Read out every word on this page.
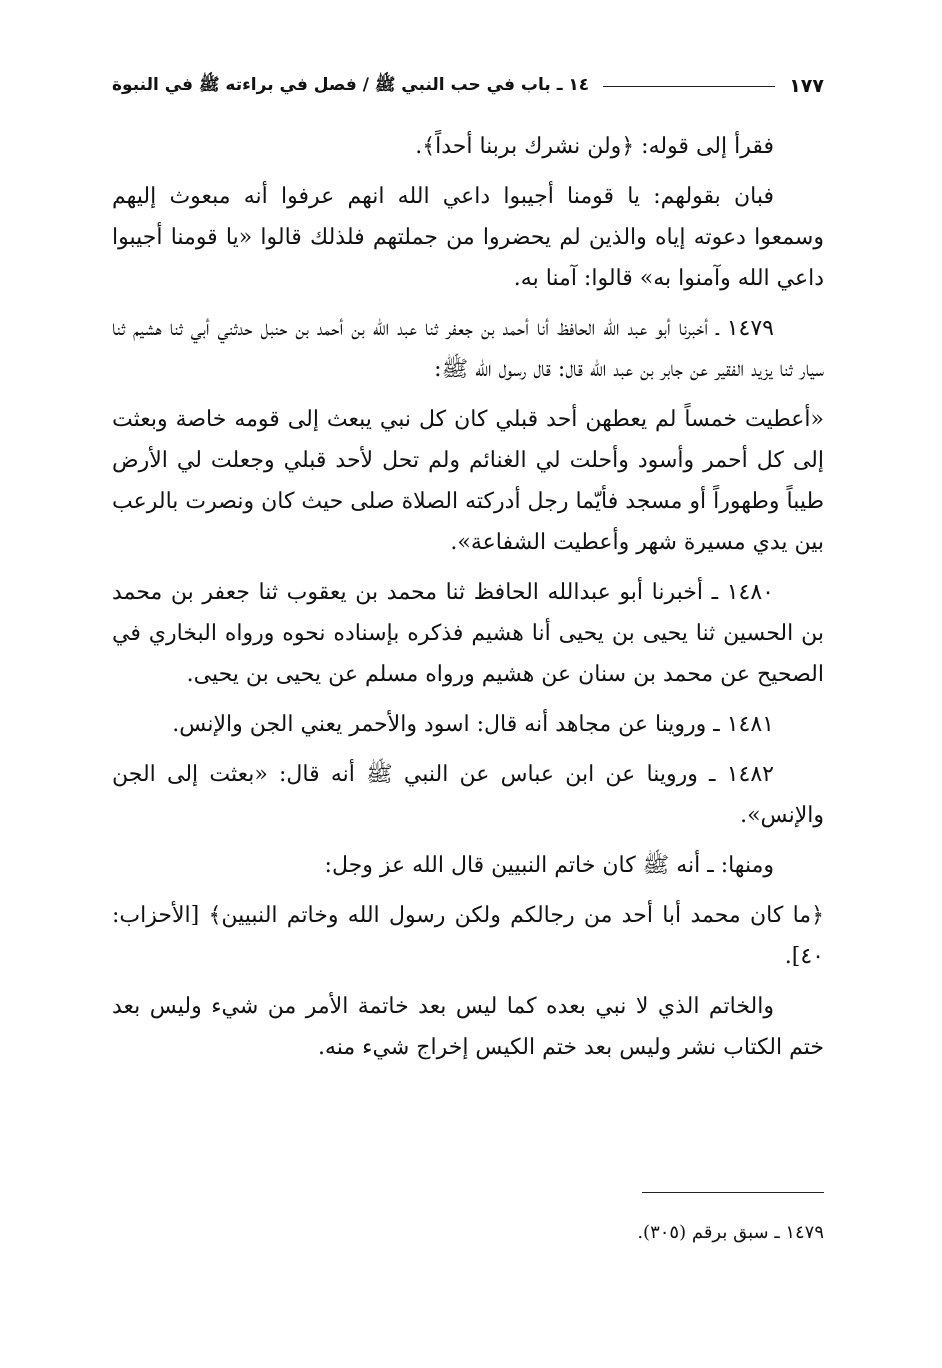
١٤ ـ باب في حب النبي ﷺ / فصل في براءته ﷺ في النبوة	١٧٧

فقرأ إلى قوله: ﴿ولن نشرك بربنا أحداً﴾.

فبان بقولهم: يا قومنا أجيبوا داعي الله انهم عرفوا أنه مبعوث إليهم وسمعوا دعوته إياه والذين لم يحضروا من جملتهم فلذلك قالوا «يا قومنا أجيبوا داعي الله وآمنوا به» قالوا: آمنا به.

١٤٧٩ ـ أخبرنا أبو عبد الله الحافظ أنا أحمد بن جعفر ثنا عبد الله بن أحمد بن حنبل حدثني أبي ثنا هشيم ثنا سيار ثنا يزيد الفقير عن جابر بن عبد الله قال: قال رسول الله ﷺ:

«أعطيت خمساً لم يعطهن أحد قبلي كان كل نبي يبعث إلى قومه خاصة وبعثت إلى كل أحمر وأسود وأحلت لي الغنائم ولم تحل لأحد قبلي وجعلت لي الأرض طيباً وطهوراً أو مسجد فأيّما رجل أدركته الصلاة صلى حيث كان ونصرت بالرعب بين يدي مسيرة شهر وأعطيت الشفاعة».

١٤٨٠ ـ أخبرنا أبو عبدالله الحافظ ثنا محمد بن يعقوب ثنا جعفر بن محمد بن الحسين ثنا يحيى بن يحيى أنا هشيم فذكره بإسناده نحوه ورواه البخاري في الصحيح عن محمد بن سنان عن هشيم ورواه مسلم عن يحيى بن يحيى.

١٤٨١ ـ وروينا عن مجاهد أنه قال: اسود والأحمر يعني الجن والإنس.

١٤٨٢ ـ وروينا عن ابن عباس عن النبي ﷺ أنه قال: «بعثت إلى الجن والإنس».

ومنها: ـ أنه ﷺ كان خاتم النبيين قال الله عز وجل:

﴿ما كان محمد أبا أحد من رجالكم ولكن رسول الله وخاتم النبيين﴾ [الأحزاب: ٤٠].

والخاتم الذي لا نبي بعده كما ليس بعد خاتمة الأمر من شيء وليس بعد ختم الكتاب نشر وليس بعد ختم الكيس إخراج شيء منه.

١٤٧٩ ـ سبق برقم (٣٠٥).
